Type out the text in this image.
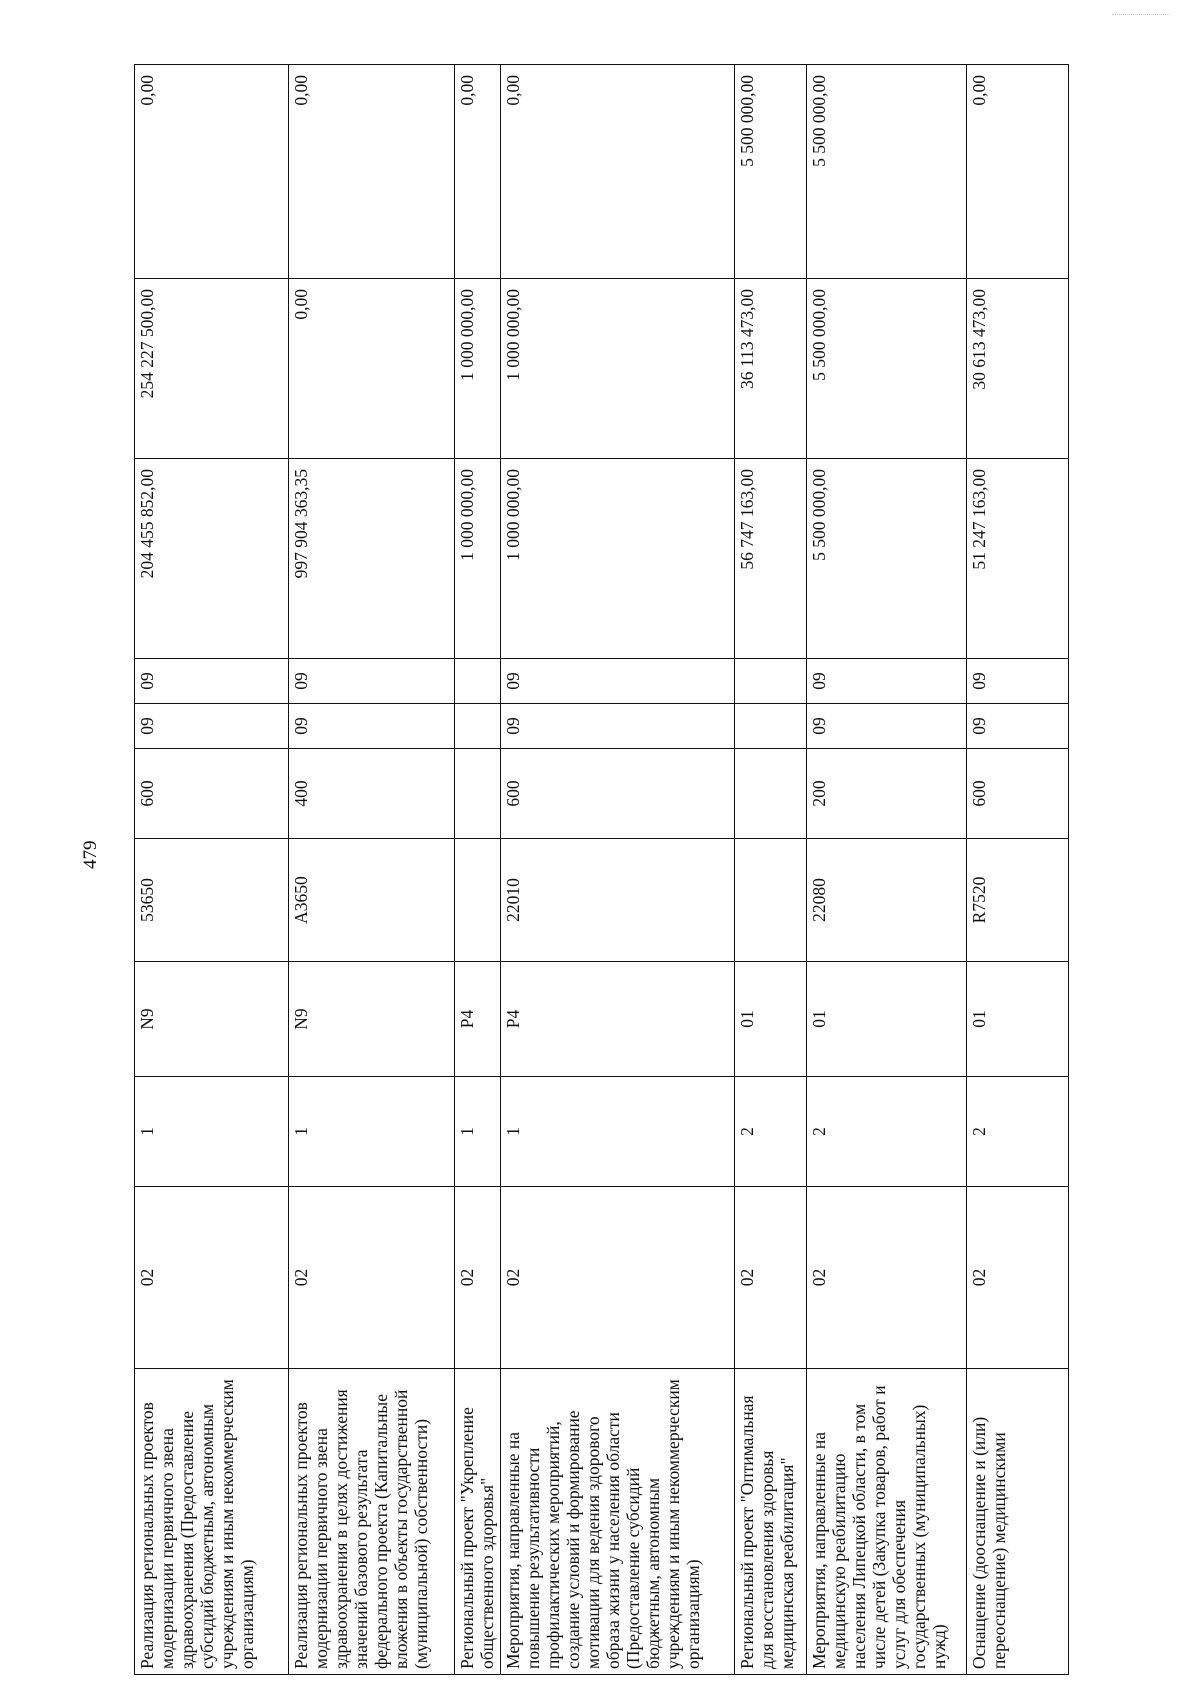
479
Реализация региональных проектов модернизации первичного звена здравоохранения (Предоставление субсидий бюджетным, автономным учреждениям и иным некоммерческим организациям)	02	1	N9	53650	600	09	09	204 455 852,00	254 227 500,00	0,00
Реализация региональных проектов модернизации первичного звена здравоохранения в целях достижения значений базового результата федерального проекта (Капитальные вложения в объекты государственной (муниципальной) собственности)	02	1	N9	А3650	400	09	09	997 904 363,35	0,00	0,00
Региональный проект "Укрепление общественного здоровья"	02	1	Р4					1 000 000,00	1 000 000,00	0,00
Мероприятия, направленные на повышение результативности профилактических мероприятий, создание условий и формирование мотивации для ведения здорового образа жизни у населения области (Предоставление субсидий бюджетным, автономным учреждениям и иным некоммерческим организациям)	02	1	Р4	22010	600	09	09	1 000 000,00	1 000 000,00	0,00
Региональный проект "Оптимальная для восстановления здоровья медицинская реабилитация"	02	2	01					56 747 163,00	36 113 473,00	5 500 000,00
Мероприятия, направленные на медицинскую реабилитацию населения Липецкой области, в том числе детей (Закупка товаров, работ и услуг для обеспечения государственных (муниципальных) нужд)	02	2	01	22080	200	09	09	5 500 000,00	5 500 000,00	5 500 000,00
Оснащение (дооснащение и (или) переоснащение) медицинскими	02	2	01	R7520	600	09	09	51 247 163,00	30 613 473,00	0,00
